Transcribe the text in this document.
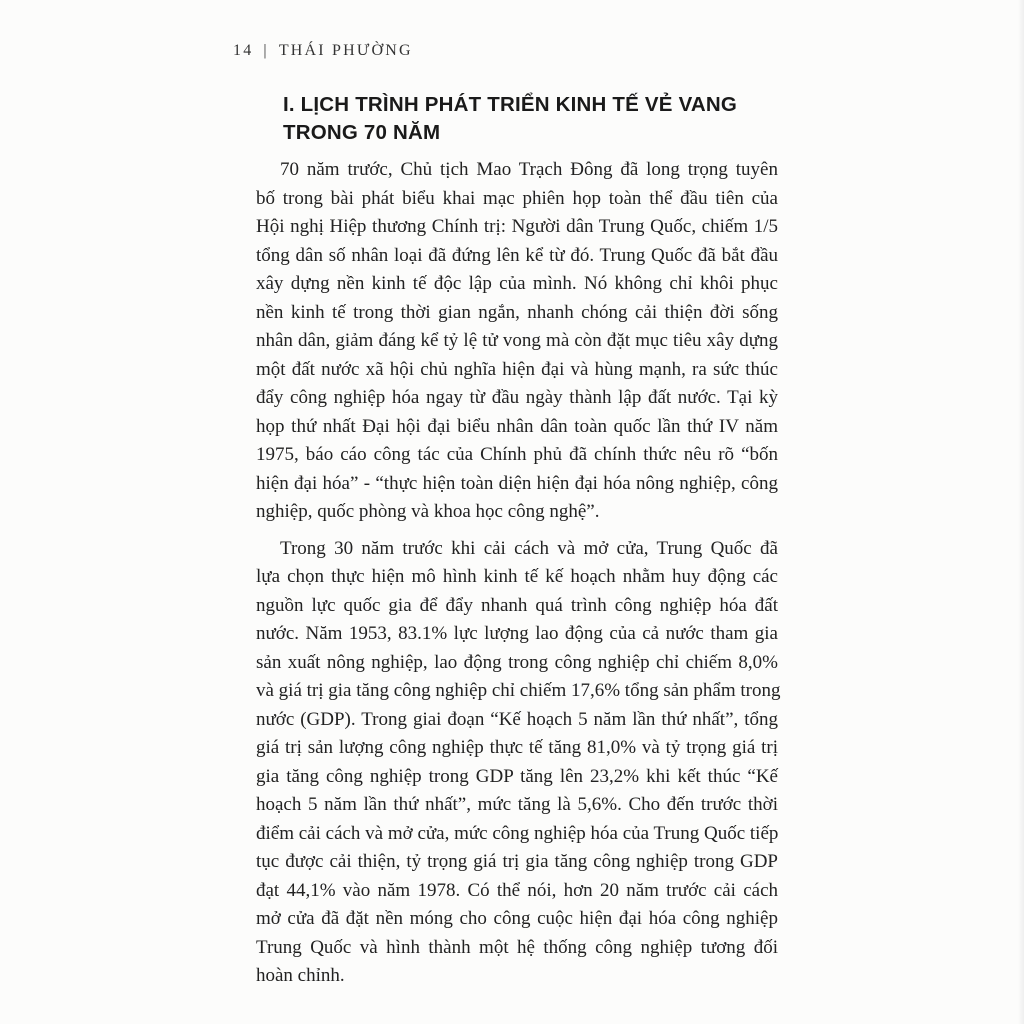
14 | THÁI PHƯỜNG
I. LỊCH TRÌNH PHÁT TRIỂN KINH TẾ VẺ VANG
TRONG 70 NĂM

70 năm trước, Chủ tịch Mao Trạch Đông đã long trọng tuyên
bố trong bài phát biểu khai mạc phiên họp toàn thể đầu tiên của
Hội nghị Hiệp thương Chính trị: Người dân Trung Quốc, chiếm 1/5
tổng dân số nhân loại đã đứng lên kể từ đó. Trung Quốc đã bắt đầu
xây dựng nền kinh tế độc lập của mình. Nó không chỉ khôi phục
nền kinh tế trong thời gian ngắn, nhanh chóng cải thiện đời sống
nhân dân, giảm đáng kể tỷ lệ tử vong mà còn đặt mục tiêu xây dựng
một đất nước xã hội chủ nghĩa hiện đại và hùng mạnh, ra sức thúc
đẩy công nghiệp hóa ngay từ đầu ngày thành lập đất nước. Tại kỳ
họp thứ nhất Đại hội đại biểu nhân dân toàn quốc lần thứ IV năm
1975, báo cáo công tác của Chính phủ đã chính thức nêu rõ “bốn
hiện đại hóa” - “thực hiện toàn diện hiện đại hóa nông nghiệp, công
nghiệp, quốc phòng và khoa học công nghệ”.

Trong 30 năm trước khi cải cách và mở cửa, Trung Quốc đã
lựa chọn thực hiện mô hình kinh tế kế hoạch nhằm huy động các
nguồn lực quốc gia để đẩy nhanh quá trình công nghiệp hóa đất
nước. Năm 1953, 83.1% lực lượng lao động của cả nước tham gia
sản xuất nông nghiệp, lao động trong công nghiệp chỉ chiếm 8,0%
và giá trị gia tăng công nghiệp chỉ chiếm 17,6% tổng sản phẩm trong
nước (GDP). Trong giai đoạn “Kế hoạch 5 năm lần thứ nhất”, tổng
giá trị sản lượng công nghiệp thực tế tăng 81,0% và tỷ trọng giá trị
gia tăng công nghiệp trong GDP tăng lên 23,2% khi kết thúc “Kế
hoạch 5 năm lần thứ nhất”, mức tăng là 5,6%. Cho đến trước thời
điểm cải cách và mở cửa, mức công nghiệp hóa của Trung Quốc tiếp
tục được cải thiện, tỷ trọng giá trị gia tăng công nghiệp trong GDP
đạt 44,1% vào năm 1978. Có thể nói, hơn 20 năm trước cải cách
mở cửa đã đặt nền móng cho công cuộc hiện đại hóa công nghiệp
Trung Quốc và hình thành một hệ thống công nghiệp tương đối
hoàn chỉnh.
